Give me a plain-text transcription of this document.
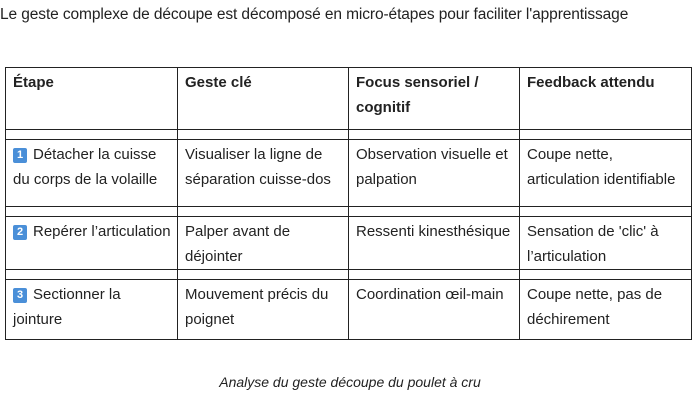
Le geste complexe de découpe est décomposé en micro-étapes pour faciliter l'apprentissage
Étape	Geste clé	Focus sensoriel / cognitif	Feedback attendu

1 Détacher la cuisse du corps de la volaille	Visualiser la ligne de séparation cuisse-dos	Observation visuelle et palpation	Coupe nette, articulation identifiable

2 Repérer l’articulation	Palper avant de déjointer	Ressenti kinesthésique	Sensation de 'clic' à l’articulation

3 Sectionner la jointure	Mouvement précis du poignet	Coordination œil-main	Coupe nette, pas de déchirement
Analyse du geste découpe du poulet à cru
